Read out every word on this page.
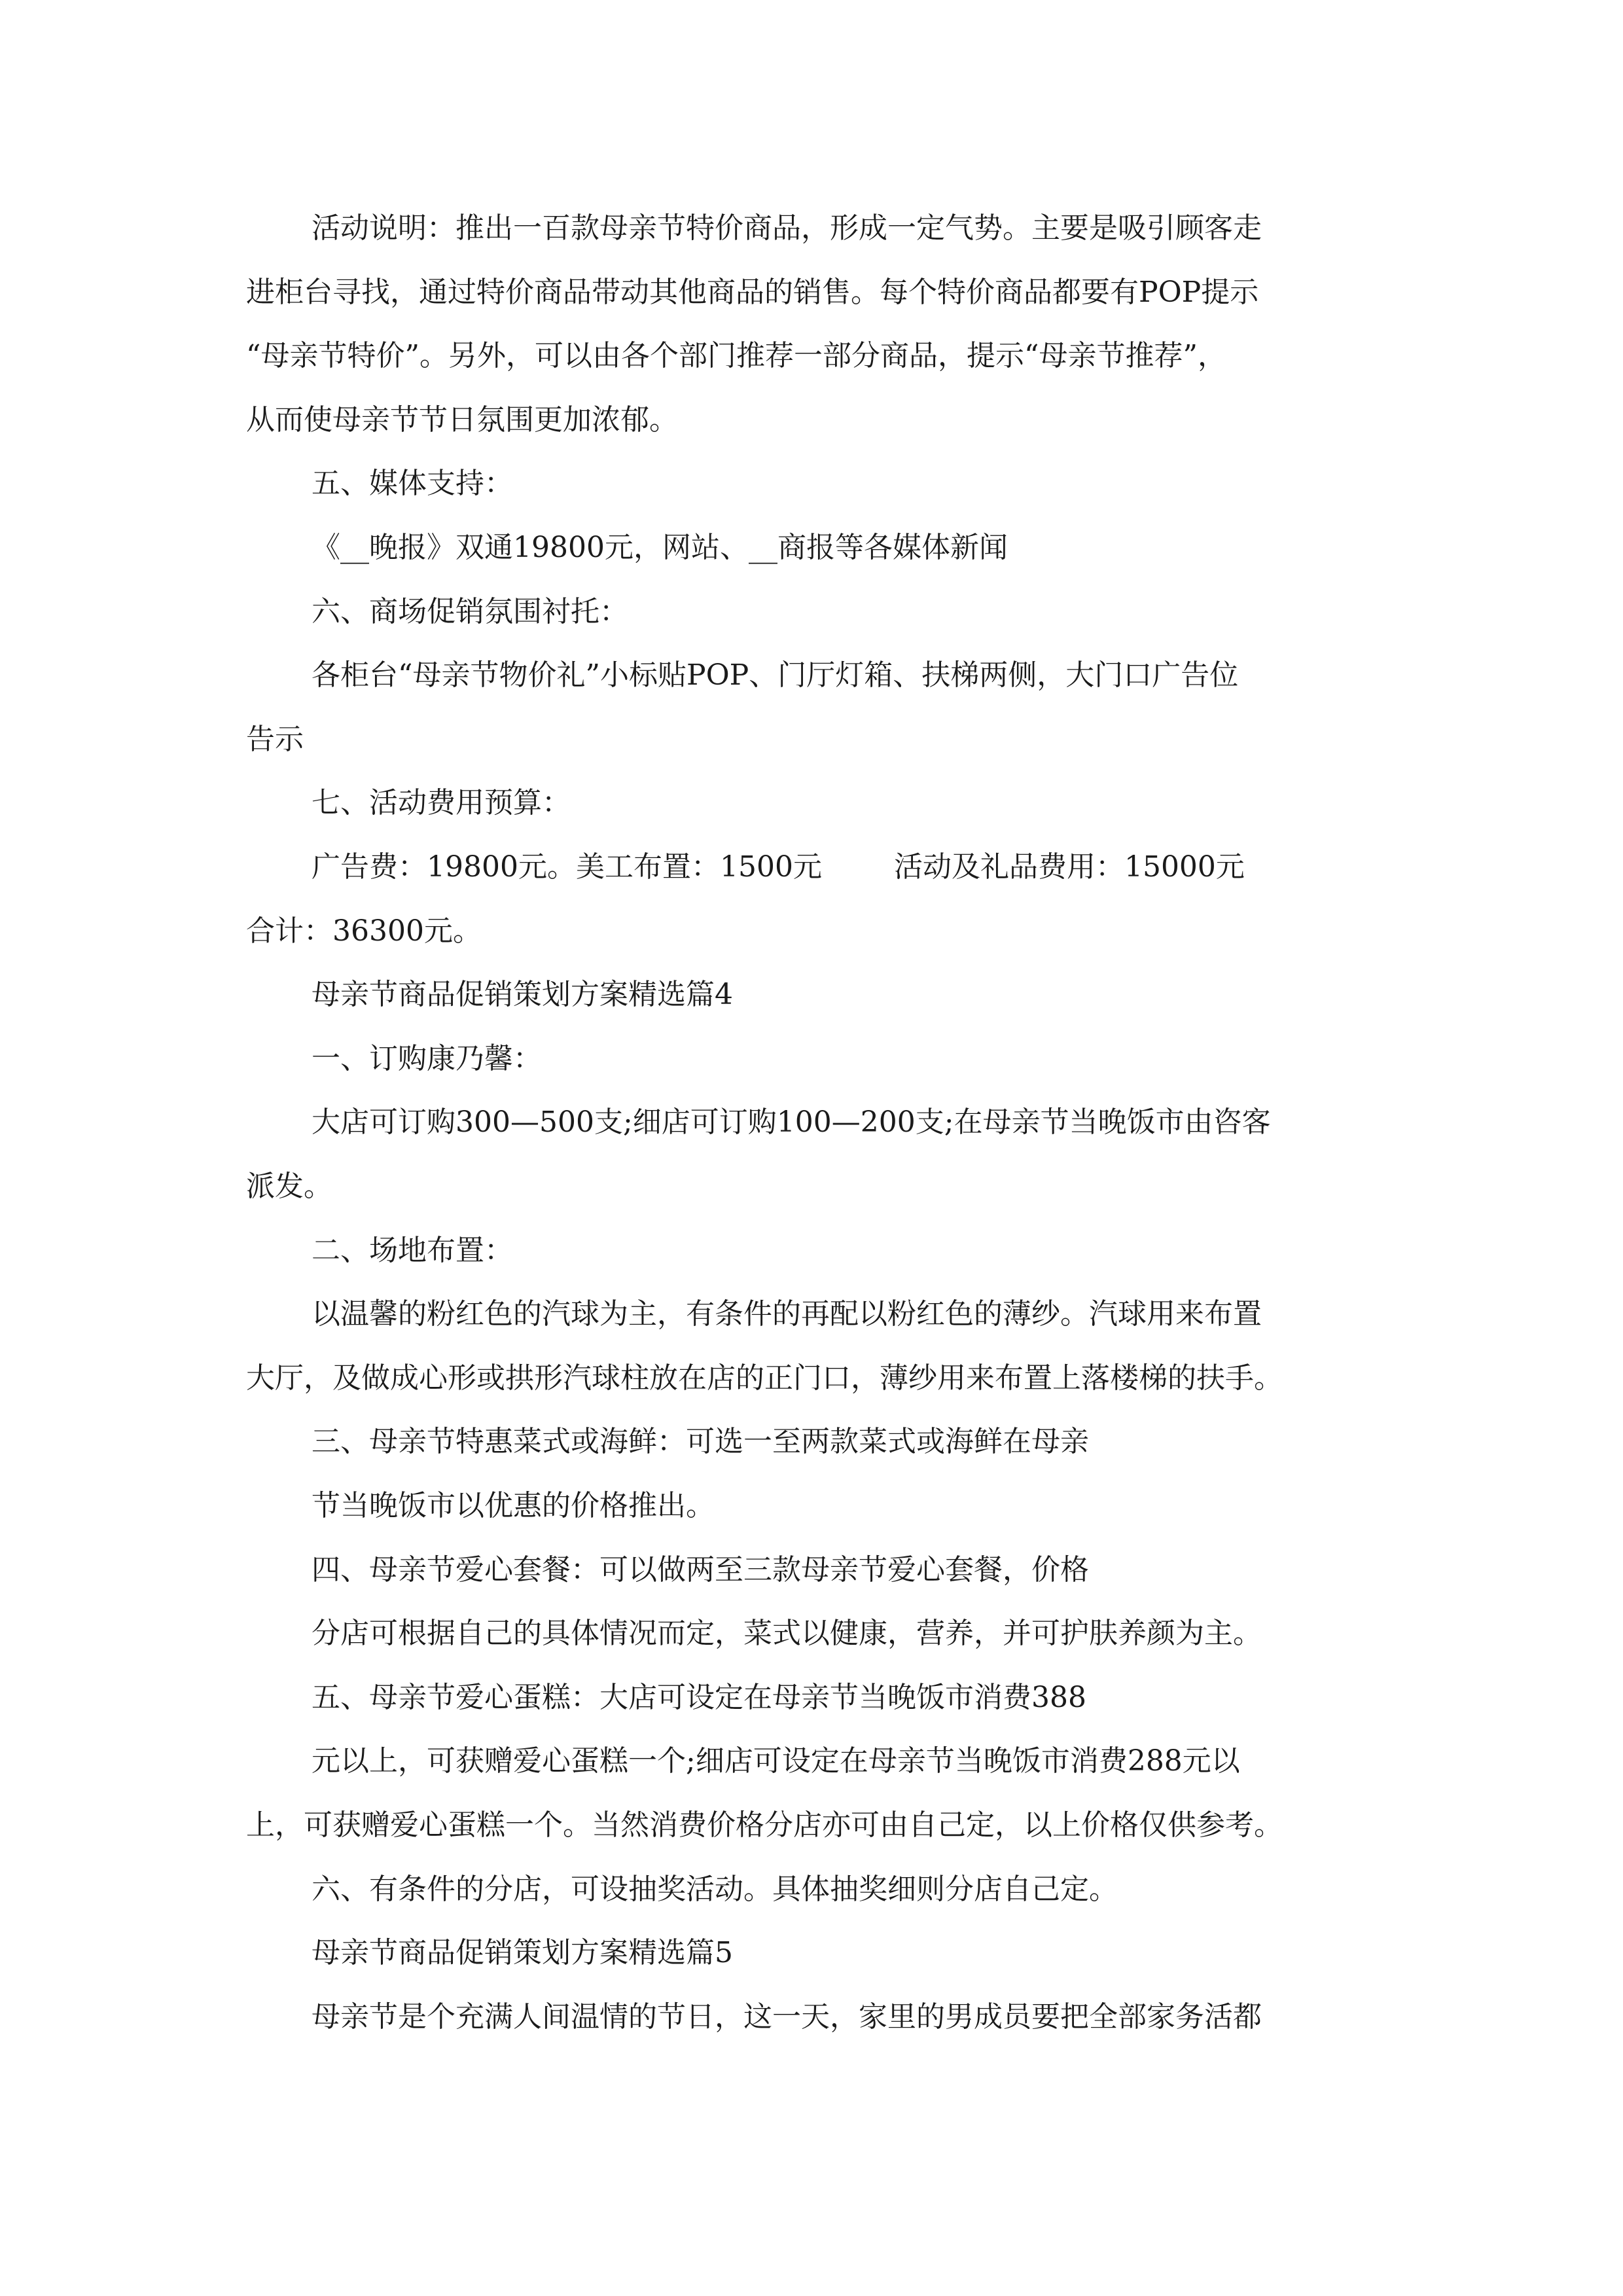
活动说明：推出一百款母亲节特价商品，形成一定气势。主要是吸引顾客走
进柜台寻找，通过特价商品带动其他商品的销售。每个特价商品都要有POP提示
“母亲节特价”。另外，可以由各个部门推荐一部分商品，提示“母亲节推荐”，
从而使母亲节节日氛围更加浓郁。
五、媒体支持：
《__晚报》双通19800元，网站、__商报等各媒体新闻
六、商场促销氛围衬托：
各柜台“母亲节物价礼”小标贴POP、门厅灯箱、扶梯两侧，大门口广告位
告示
七、活动费用预算：
广告费：19800元。美工布置：1500元	活动及礼品费用：15000元
合计：36300元。
母亲节商品促销策划方案精选篇4
一、订购康乃馨：
大店可订购300—500支;细店可订购100—200支;在母亲节当晚饭市由咨客
派发。
二、场地布置：
以温馨的粉红色的汽球为主，有条件的再配以粉红色的薄纱。汽球用来布置
大厅，及做成心形或拱形汽球柱放在店的正门口，薄纱用来布置上落楼梯的扶手。
三、母亲节特惠菜式或海鲜：可选一至两款菜式或海鲜在母亲
节当晚饭市以优惠的价格推出。
四、母亲节爱心套餐：可以做两至三款母亲节爱心套餐，价格
分店可根据自己的具体情况而定，菜式以健康，营养，并可护肤养颜为主。
五、母亲节爱心蛋糕：大店可设定在母亲节当晚饭市消费388
元以上，可获赠爱心蛋糕一个;细店可设定在母亲节当晚饭市消费288元以
上，可获赠爱心蛋糕一个。当然消费价格分店亦可由自己定，以上价格仅供参考。
六、有条件的分店，可设抽奖活动。具体抽奖细则分店自己定。
母亲节商品促销策划方案精选篇5
母亲节是个充满人间温情的节日，这一天，家里的男成员要把全部家务活都
